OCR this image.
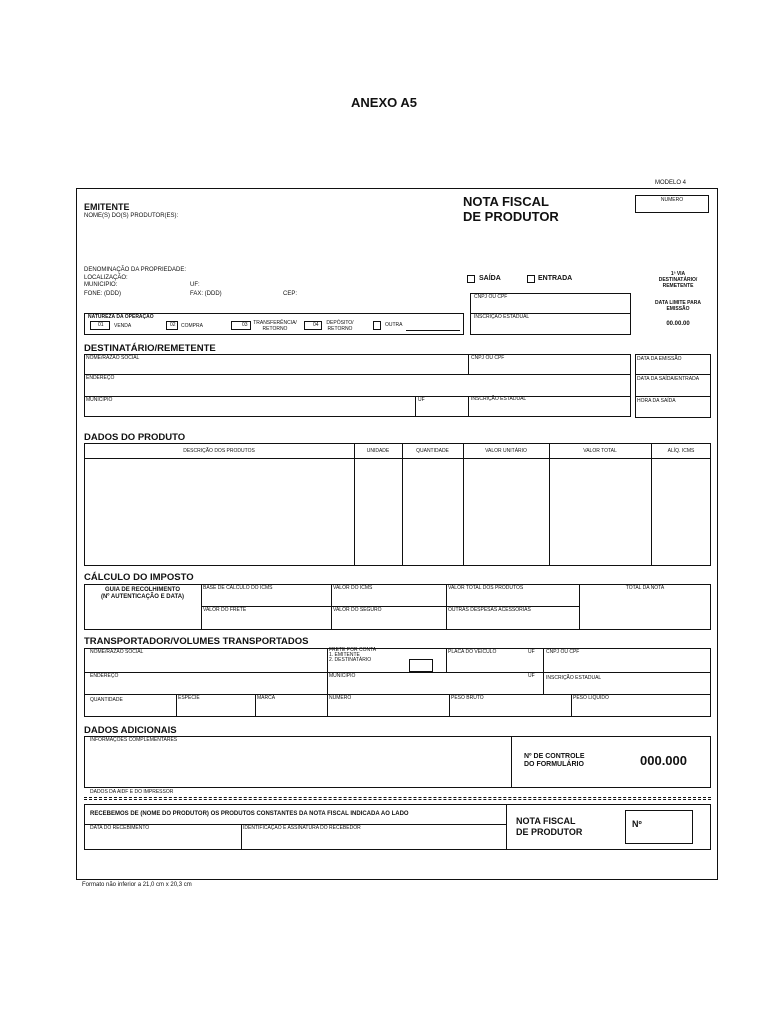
ANEXO A5
MODELO 4
EMITENTE
NOME(S) DO(S) PRODUTOR(ES):
DENOMINAÇÃO DA PROPRIEDADE:
LOCALIZAÇÃO:
MUNICIPIO:	UF:
FONE: (DDD)	FAX: (DDD)	CEP:
NOTA FISCAL
DE PRODUTOR
NUMERO
SAÍDA	ENTRADA
1ª VIA
DESTINATÁRIO/
REMETENTE
DATA LIMITE PARA
EMISSÃO
00.00.00
CNPJ OU CPF
INSCRIÇÃO ESTADUAL
NATUREZA DA OPERAÇÃO
01	VENDA	02	COMPRA	03	TRANSFERÊNCIA/
RETORNO
04	DEPÓSITO/
RETORNO
OUTRA
DESTINATÁRIO/REMETENTE
NOME/RAZÃO SOCIAL	CNPJ OU CPF
ENDEREÇO
MUNICÍPIO	UF	INSCRIÇÃO ESTADUAL
DATA DA EMISSÃO
DATA DA SAÍDA/ENTRADA
HORA DA SAÍDA
DADOS DO PRODUTO
DESCRIÇÃO DOS PRODUTOS	UNIDADE	QUANTIDADE	VALOR UNITÁRIO	VALOR TOTAL	ALÍQ. ICMS
CÁLCULO DO IMPOSTO
GUIA DE RECOLHIMENTO
(Nº AUTENTICAÇÃO E DATA)
BASE DE CÁLCULO DO ICMS	VALOR DO ICMS	VALOR TOTAL DOS PRODUTOS	TOTAL DA NOTA
VALOR DO FRETE	VALOR DO SEGURO	OUTRAS DESPESAS ACESSÓRIAS
TRANSPORTADOR/VOLUMES TRANSPORTADOS
NOME/RAZÃO SOCIAL	FRETE POR CONTA
1. EMITENTE
2. DESTINATÁRIO
PLACA DO VEÍCULO	UF CNPJ OU CPF
ENDEREÇO	MUNICÍPIO	UF INSCRIÇÃO ESTADUAL
QUANTIDADE	ESPÉCIE	MARCA	NÚMERO	PESO BRUTO	PESO LÍQUIDO
DADOS ADICIONAIS
INFORMAÇÕES COMPLEMENTARES
Nº DE CONTROLE
DO FORMULÁRIO	000.000
DADOS DA AIDF E DO IMPRESSOR
RECEBEMOS DE (NOME DO PRODUTOR) OS PRODUTOS CONSTANTES DA NOTA FISCAL INDICADA AO LADO
DATA DO RECEBIMENTO	IDENTIFICAÇÃO E ASSINATURA DO RECEBEDOR
NOTA FISCAL
DE PRODUTOR
Nº
Formato não inferior a 21,0 cm x 20,3 cm
